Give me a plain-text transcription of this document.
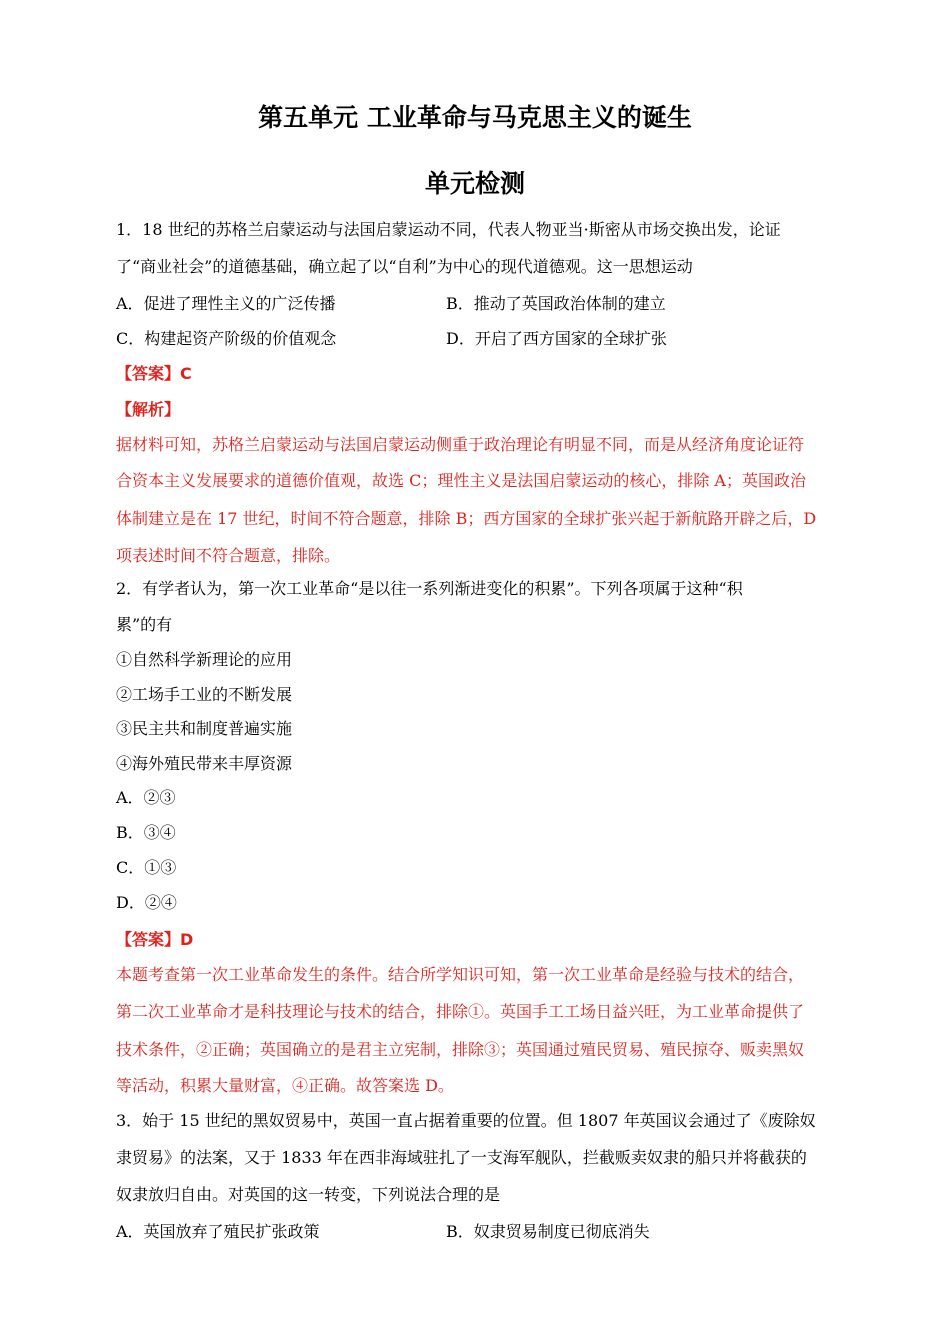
第五单元 工业革命与马克思主义的诞生
单元检测
1．18 世纪的苏格兰启蒙运动与法国启蒙运动不同，代表人物亚当·斯密从市场交换出发，论证
了“商业社会”的道德基础，确立起了以“自利”为中心的现代道德观。这一思想运动
A．促进了理性主义的广泛传播	B．推动了英国政治体制的建立
C．构建起资产阶级的价值观念	D．开启了西方国家的全球扩张
【答案】C
【解析】
据材料可知，苏格兰启蒙运动与法国启蒙运动侧重于政治理论有明显不同，而是从经济角度论证符
合资本主义发展要求的道德价值观，故选 C；理性主义是法国启蒙运动的核心，排除 A；英国政治
体制建立是在 17 世纪，时间不符合题意，排除 B；西方国家的全球扩张兴起于新航路开辟之后，D
项表述时间不符合题意，排除。
2．有学者认为，第一次工业革命“是以往一系列渐进变化的积累”。下列各项属于这种“积
累”的有
①自然科学新理论的应用
②工场手工业的不断发展
③民主共和制度普遍实施
④海外殖民带来丰厚资源
A．②③
B．③④
C．①③
D．②④
【答案】D
本题考查第一次工业革命发生的条件。结合所学知识可知，第一次工业革命是经验与技术的结合，
第二次工业革命才是科技理论与技术的结合，排除①。英国手工工场日益兴旺，为工业革命提供了
技术条件，②正确；英国确立的是君主立宪制，排除③；英国通过殖民贸易、殖民掠夺、贩卖黑奴
等活动，积累大量财富，④正确。故答案选 D。
3．始于 15 世纪的黑奴贸易中，英国一直占据着重要的位置。但 1807 年英国议会通过了《废除奴
隶贸易》的法案，又于 1833 年在西非海域驻扎了一支海军舰队，拦截贩卖奴隶的船只并将截获的
奴隶放归自由。对英国的这一转变，下列说法合理的是
A．英国放弃了殖民扩张政策	B．奴隶贸易制度已彻底消失
